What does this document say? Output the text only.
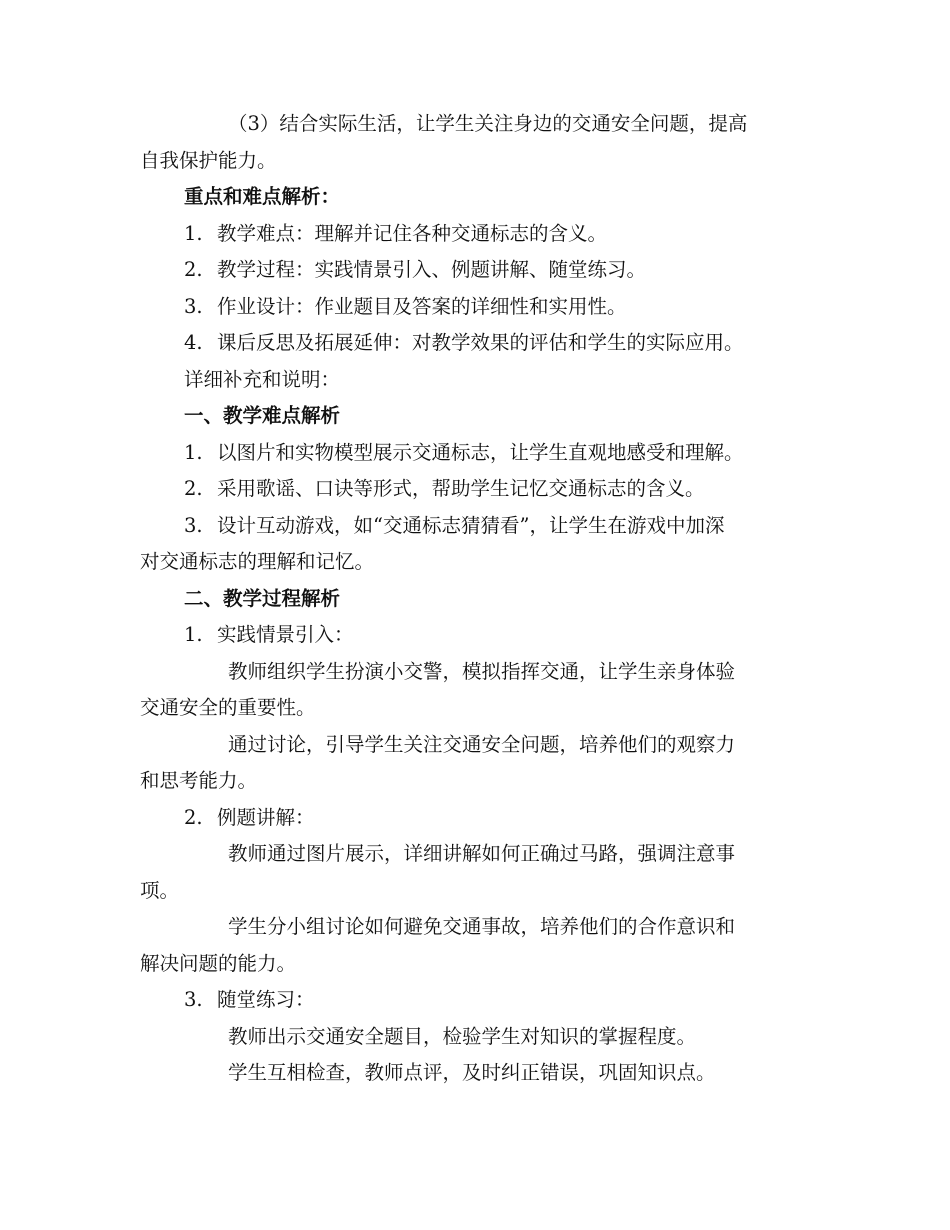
（3）结合实际生活，让学生关注身边的交通安全问题，提高
自我保护能力。
重点和难点解析：
1. 教学难点：理解并记住各种交通标志的含义。
2. 教学过程：实践情景引入、例题讲解、随堂练习。
3. 作业设计：作业题目及答案的详细性和实用性。
4. 课后反思及拓展延伸：对教学效果的评估和学生的实际应用。
详细补充和说明：
一、教学难点解析
1. 以图片和实物模型展示交通标志，让学生直观地感受和理解。
2. 采用歌谣、口诀等形式，帮助学生记忆交通标志的含义。
3. 设计互动游戏，如“交通标志猜猜看”，让学生在游戏中加深
对交通标志的理解和记忆。
二、教学过程解析
1. 实践情景引入：
教师组织学生扮演小交警，模拟指挥交通，让学生亲身体验
交通安全的重要性。
通过讨论，引导学生关注交通安全问题，培养他们的观察力
和思考能力。
2. 例题讲解：
教师通过图片展示，详细讲解如何正确过马路，强调注意事
项。
学生分小组讨论如何避免交通事故，培养他们的合作意识和
解决问题的能力。
3. 随堂练习：
教师出示交通安全题目，检验学生对知识的掌握程度。
学生互相检查，教师点评，及时纠正错误，巩固知识点。
